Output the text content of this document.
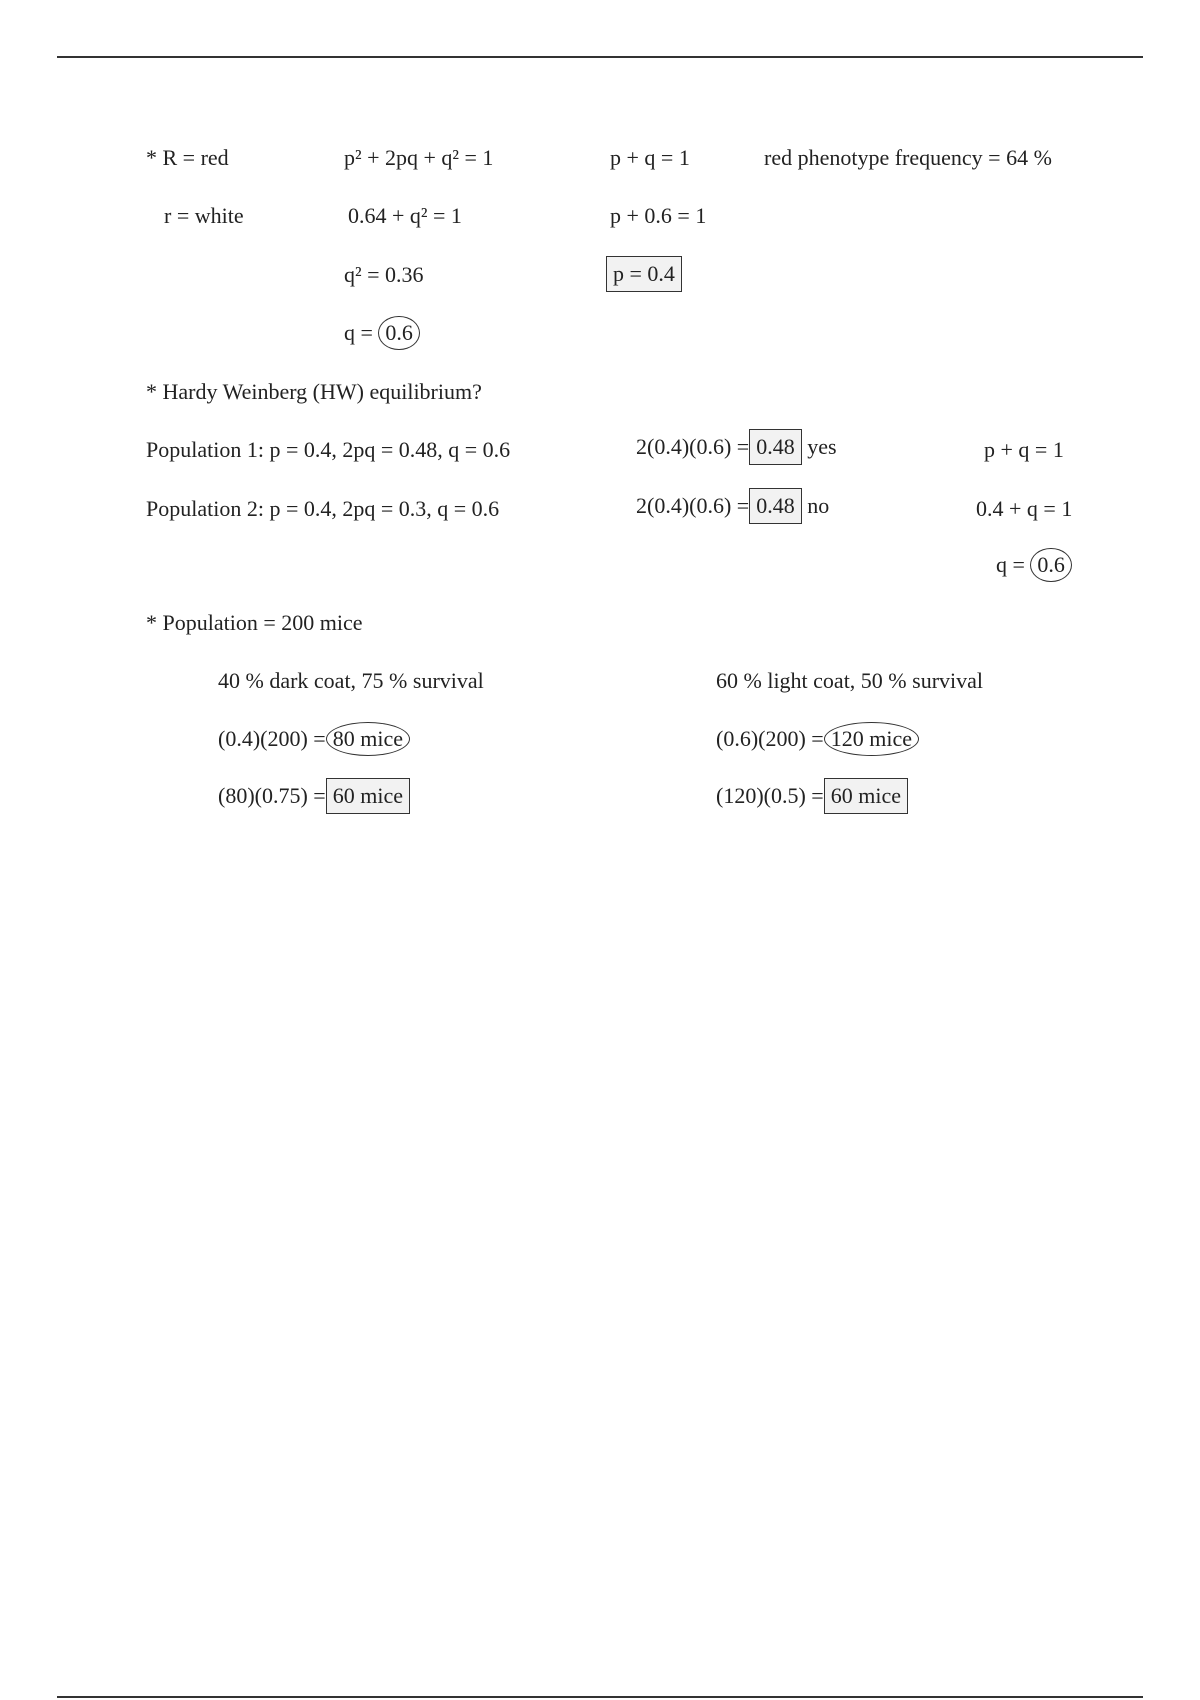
* R = red
r = white
p² + 2pq + q² = 1
0.64 + q² = 1
q² = 0.36
q = 0.6
p + q = 1
p + 0.6 = 1
p = 0.4
red phenotype frequency = 64 %
* Hardy Weinberg (HW) equilibrium?
Population 1: p = 0.4, 2pq = 0.48, q = 0.6	2(0.4)(0.6) = 0.48 yes	p + q = 1
Population 2: p = 0.4, 2pq = 0.3, q = 0.6	2(0.4)(0.6) = 0.48 no	0.4 + q = 1
q = 0.6
* Population = 200 mice
40 % dark coat, 75 % survival
(0.4)(200) = 80 mice
(80)(0.75) = 60 mice
60 % light coat, 50 % survival
(0.6)(200) = 120 mice
(120)(0.5) = 60 mice
